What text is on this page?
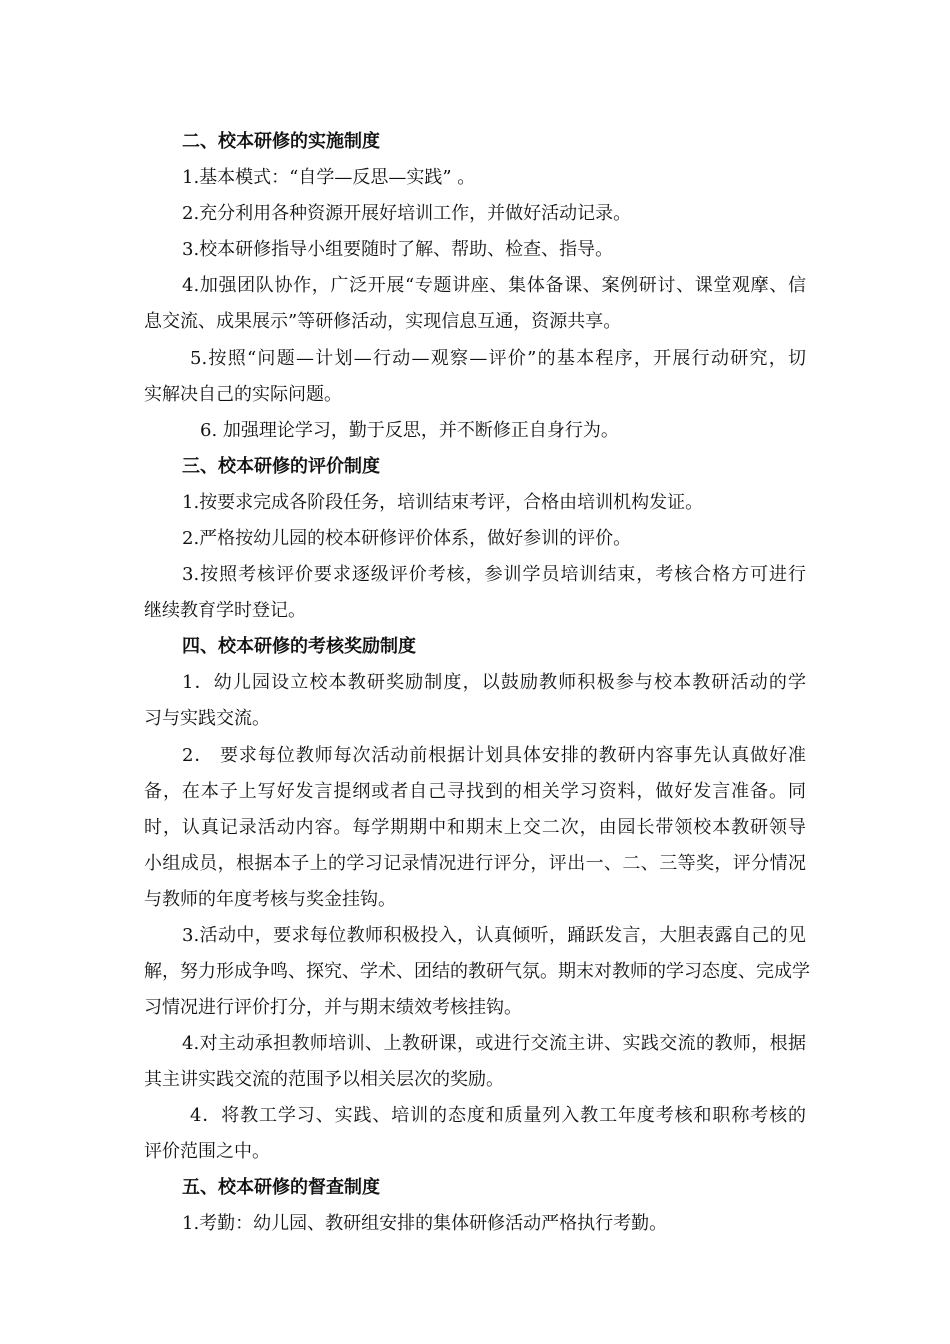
二、校本研修的实施制度
1.基本模式：“自学—反思—实践” 。
2.充分利用各种资源开展好培训工作，并做好活动记录。
3.校本研修指导小组要随时了解、帮助、检查、指导。
4.加强团队协作，广泛开展“专题讲座、集体备课、案例研讨、课堂观摩、信
息交流、成果展示”等研修活动，实现信息互通，资源共享。
5.按照“问题—计划—行动—观察—评价”的基本程序，开展行动研究，切
实解决自己的实际问题。
6. 加强理论学习，勤于反思，并不断修正自身行为。
三、校本研修的评价制度
1.按要求完成各阶段任务，培训结束考评，合格由培训机构发证。
2.严格按幼儿园的校本研修评价体系，做好参训的评价。
3.按照考核评价要求逐级评价考核，参训学员培训结束，考核合格方可进行
继续教育学时登记。
四、校本研修的考核奖励制度
1．幼儿园设立校本教研奖励制度，以鼓励教师积极参与校本教研活动的学
习与实践交流。
2． 要求每位教师每次活动前根据计划具体安排的教研内容事先认真做好准
备，在本子上写好发言提纲或者自己寻找到的相关学习资料，做好发言准备。同
时，认真记录活动内容。每学期期中和期末上交二次，由园长带领校本教研领导
小组成员，根据本子上的学习记录情况进行评分，评出一、二、三等奖，评分情况
与教师的年度考核与奖金挂钩。
3.活动中，要求每位教师积极投入，认真倾听，踊跃发言，大胆表露自己的见
解，努力形成争鸣、探究、学术、团结的教研气氛。期末对教师的学习态度、完成学
习情况进行评价打分，并与期末绩效考核挂钩。
4.对主动承担教师培训、上教研课，或进行交流主讲、实践交流的教师，根据
其主讲实践交流的范围予以相关层次的奖励。
4．将教工学习、实践、培训的态度和质量列入教工年度考核和职称考核的
评价范围之中。
五、校本研修的督查制度
1.考勤：幼儿园、教研组安排的集体研修活动严格执行考勤。
